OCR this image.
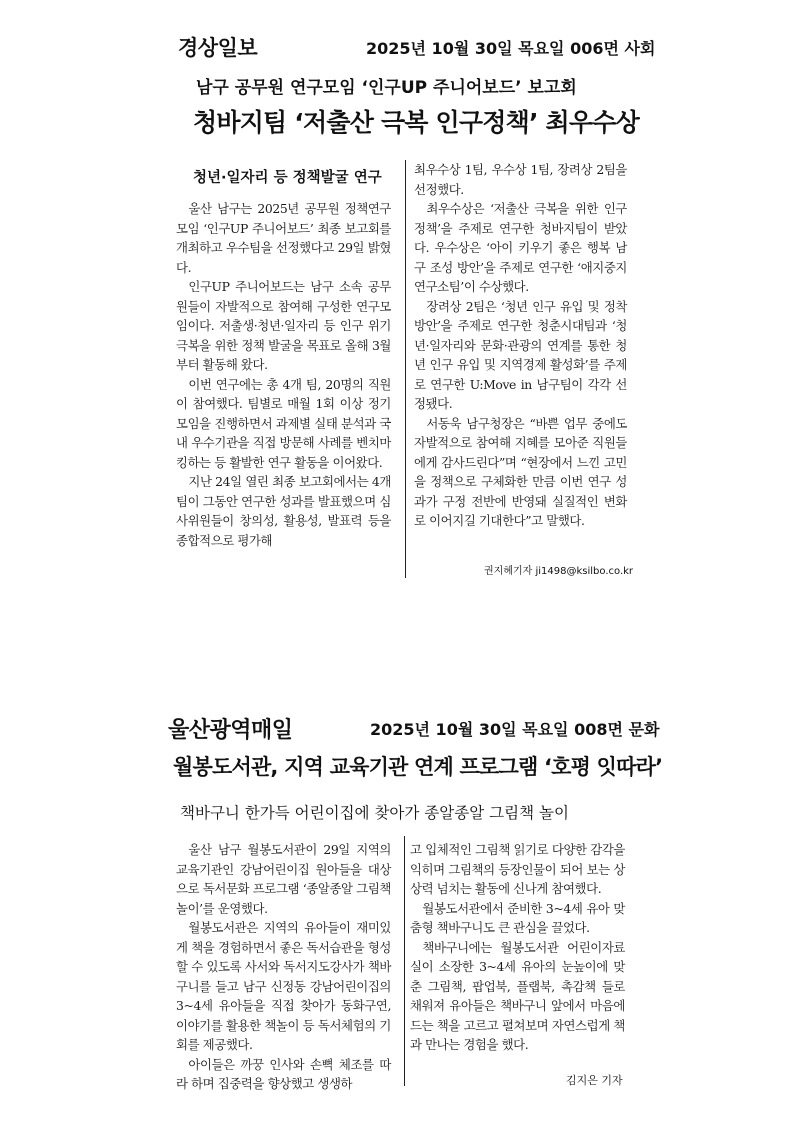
경상일보	2025년 10월 30일 목요일 006면 사회
남구 공무원 연구모임 ‘인구UP 주니어보드’ 보고회
청바지팀 ‘저출산 극복 인구정책’ 최우수상
청년·일자리 등 정책발굴 연구

울산 남구는 2025년 공무원 정책연구모임 ‘인구UP 주니어보드’ 최종 보고회를 개최하고 우수팀을 선정했다고 29일 밝혔다.

인구UP 주니어보드는 남구 소속 공무원들이 자발적으로 참여해 구성한 연구모임이다. 저출생·청년·일자리 등 인구 위기 극복을 위한 정책 발굴을 목표로 올해 3월부터 활동해 왔다.

이번 연구에는 총 4개 팀, 20명의 직원이 참여했다. 팀별로 매월 1회 이상 정기 모임을 진행하면서 과제별 실태 분석과 국내 우수기관을 직접 방문해 사례를 벤치마킹하는 등 활발한 연구 활동을 이어왔다.

지난 24일 열린 최종 보고회에서는 4개 팀이 그동안 연구한 성과를 발표했으며 심사위원들이 창의성, 활용성, 발표력 등을 종합적으로 평가해

최우수상 1팀, 우수상 1팀, 장려상 2팀을 선정했다.

최우수상은 ‘저출산 극복을 위한 인구정책’을 주제로 연구한 청바지팀이 받았다. 우수상은 ‘아이 키우기 좋은 행복 남구 조성 방안’을 주제로 연구한 ‘애지중지 연구소팀’이 수상했다.

장려상 2팀은 ‘청년 인구 유입 및 정착 방안’을 주제로 연구한 청춘시대팀과 ‘청년·일자리와 문화·관광의 연계를 통한 청년 인구 유입 및 지역경제 활성화’를 주제로 연구한 U:Move in 남구팀이 각각 선정됐다.

서동욱 남구청장은 “바쁜 업무 중에도 자발적으로 참여해 지혜를 모아준 직원들에게 감사드린다”며 “현장에서 느낀 고민을 정책으로 구체화한 만큼 이번 연구 성과가 구정 전반에 반영돼 실질적인 변화로 이어지길 기대한다”고 말했다.

권지혜기자 ji1498@ksilbo.co.kr
울산광역매일	2025년 10월 30일 목요일 008면 문화
월봉도서관, 지역 교육기관 연계 프로그램 ‘호평 잇따라’
책바구니 한가득 어린이집에 찾아가 종알종알 그림책 놀이

울산 남구 월봉도서관이 29일 지역의 교육기관인 강남어린이집 원아들을 대상으로 독서문화 프로그램 ‘종알종알 그림책 놀이’를 운영했다.

월봉도서관은 지역의 유아들이 재미있게 책을 경험하면서 좋은 독서습관을 형성할 수 있도록 사서와 독서지도강사가 책바구니를 들고 남구 신정동 강남어린이집의 3~4세 유아들을 직접 찾아가 동화구연, 이야기를 활용한 책놀이 등 독서체험의 기회를 제공했다.

아이들은 까꿍 인사와 손뼉 체조를 따라 하며 집중력을 향상했고 생생하

고 입체적인 그림책 읽기로 다양한 감각을 익히며 그림책의 등장인물이 되어 보는 상상력 넘치는 활동에 신나게 참여했다.

월봉도서관에서 준비한 3~4세 유아 맞춤형 책바구니도 큰 관심을 끌었다.

책바구니에는 월봉도서관 어린이자료실이 소장한 3~4세 유아의 눈높이에 맞춘 그림책, 팝업북, 플랩북, 촉감책 들로 채워져 유아들은 책바구니 앞에서 마음에 드는 책을 고르고 펼쳐보며 자연스럽게 책과 만나는 경험을 했다.

김지은 기자
